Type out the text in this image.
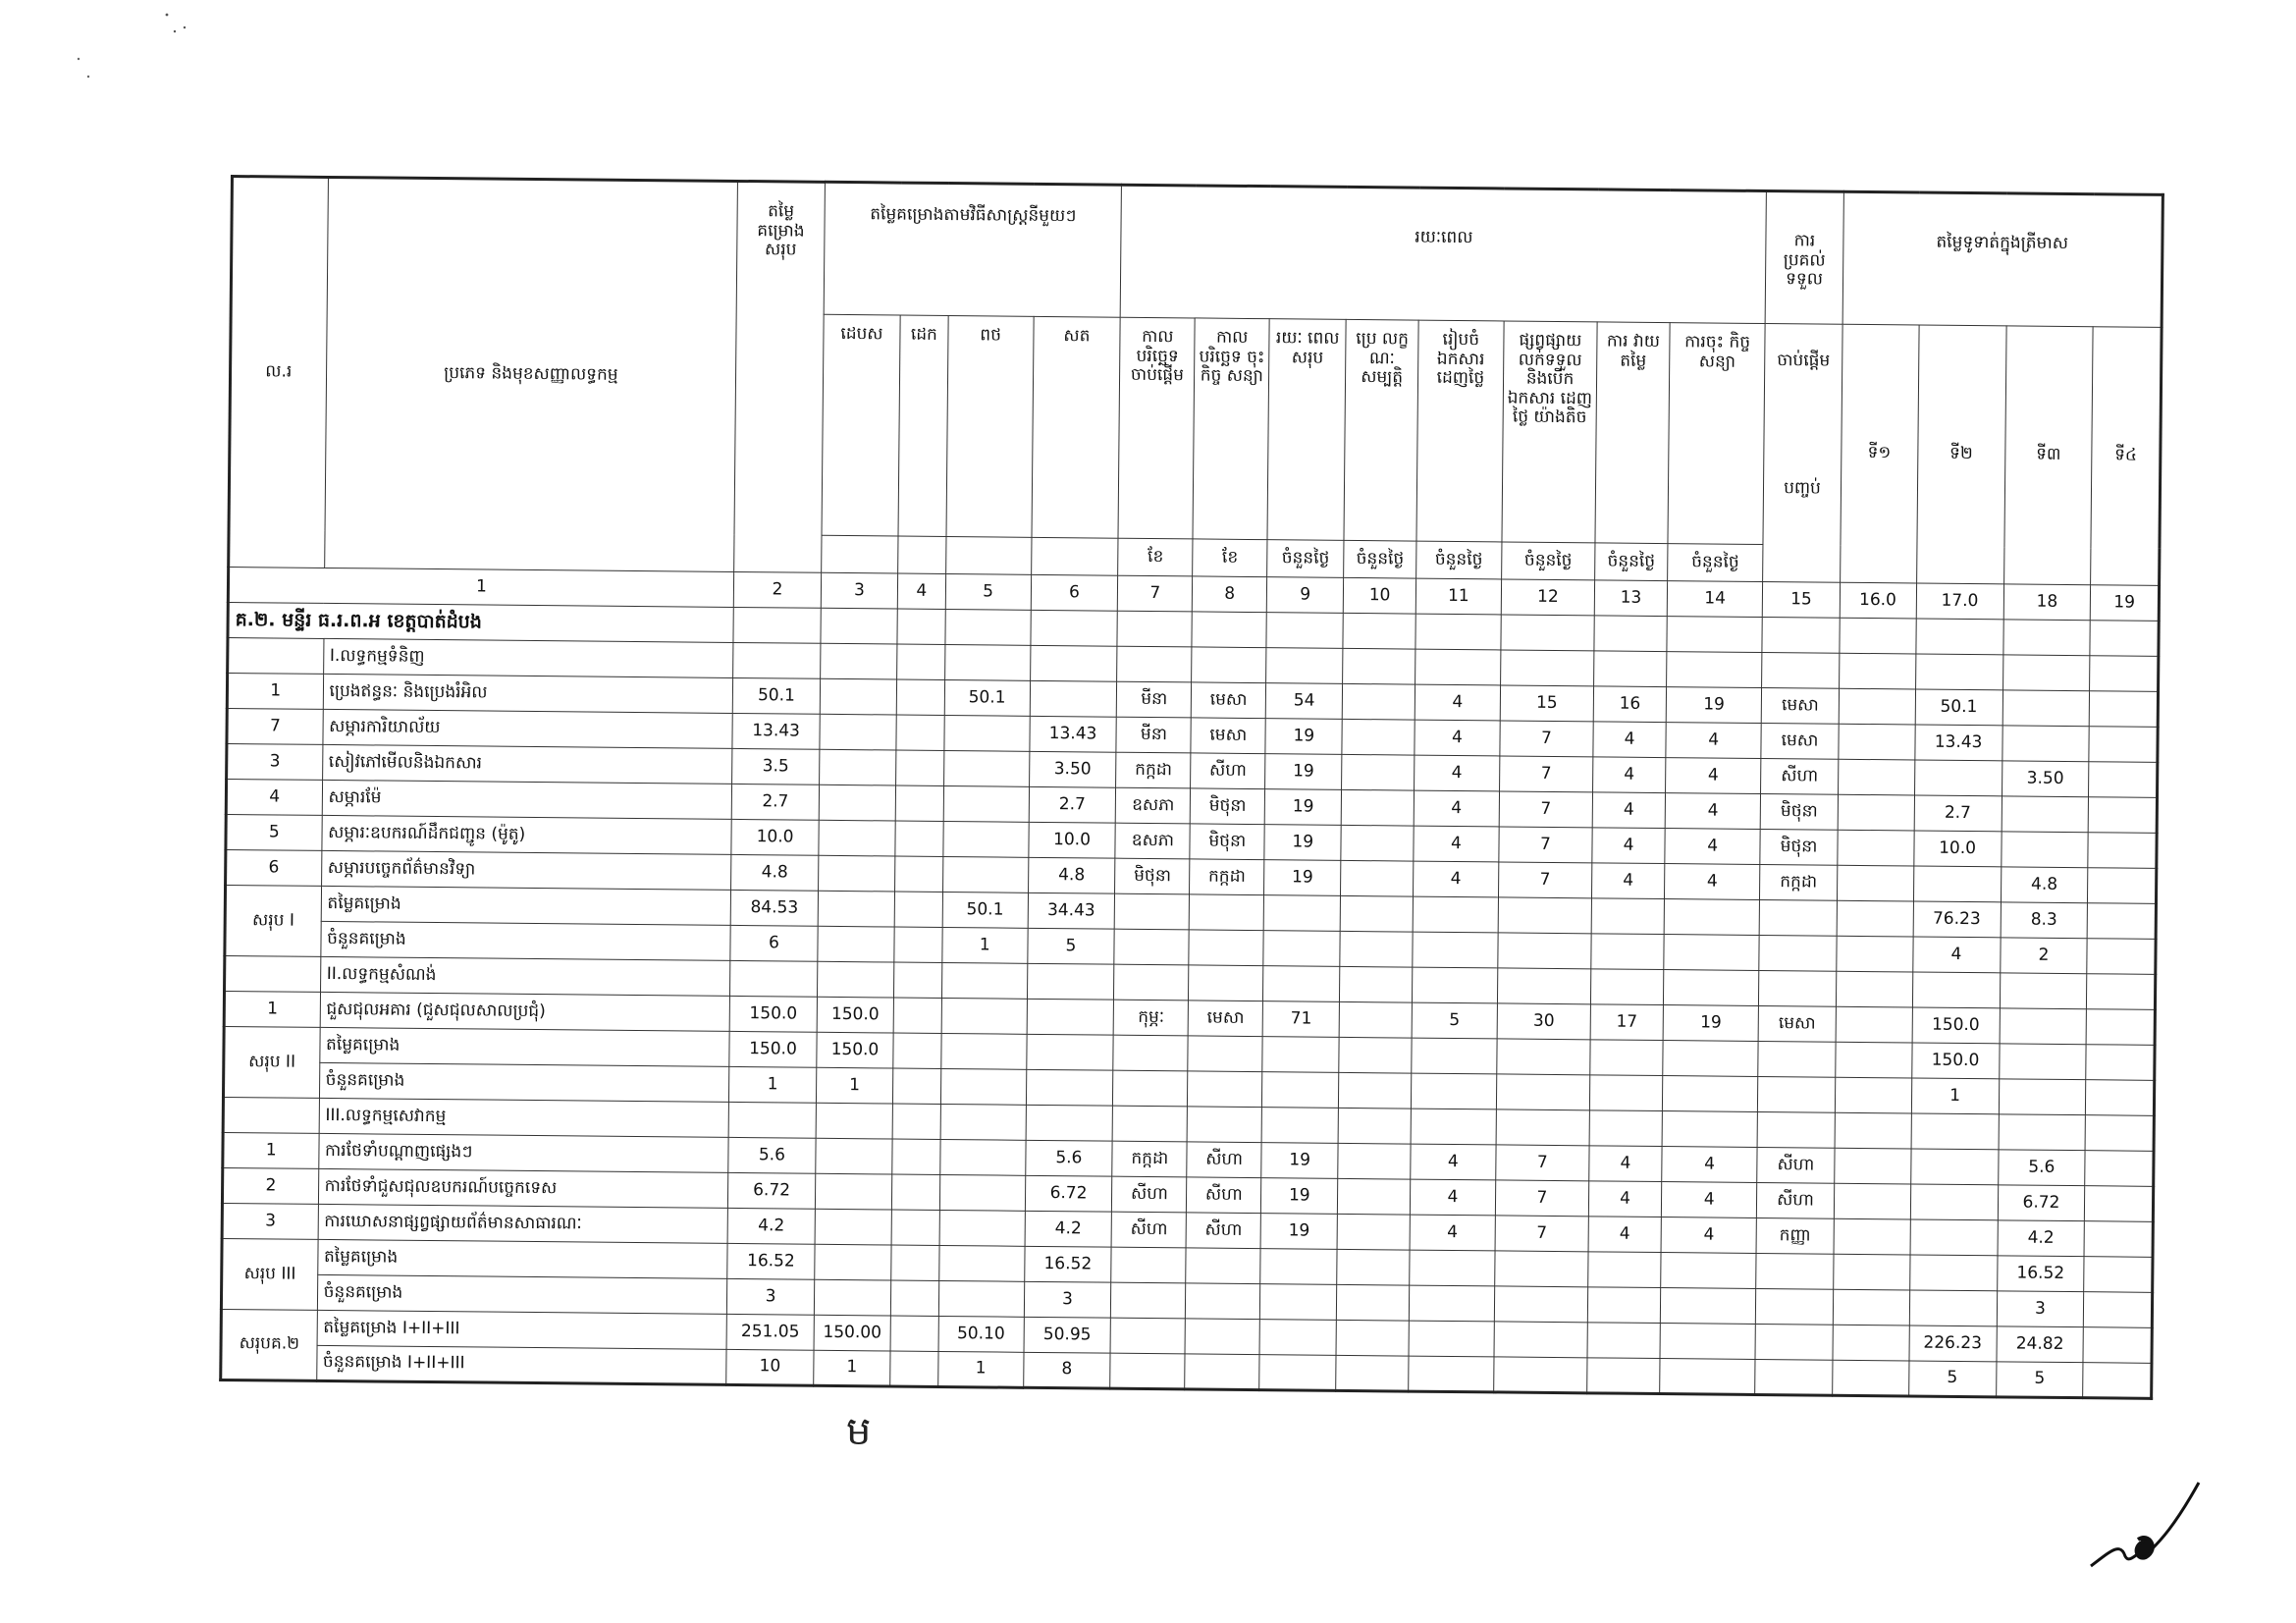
ល.រ	ប្រភេទ និងមុខសញ្ញាលទ្ធកម្ម	តម្លៃ គម្រោង សរុប	តម្លៃគម្រោងតាមវិធីសាស្រ្តនីមួយៗ				រយៈពេល								ការ ប្រគល់ ទទួល	តម្លៃទូទាត់ក្នុងត្រីមាស			
			ដេបស	ដេក	ពថ	សត	កាល បរិច្ឆេទ ចាប់ផ្តើម	កាល បរិច្ឆេទ ចុះកិច្ច សន្យា	រយៈ ពេល សរុប	ប្រេ លក្ខ ណៈ សម្បត្តិ	រៀបចំ ឯកសារ ដេញថ្លៃ	ផ្សព្វផ្សាយ លក់ទទួល និងបើក ឯកសារ ដេញថ្លៃ យ៉ាងតិច	ការ វាយ តម្លៃ	ការចុះ កិច្ចសន្យា	ចាប់ផ្តើម
បញ្ចប់	ទី១	ទី២	ទី៣	ទី៤
							ខែ	ខែ	ចំនួនថ្ងៃ	ចំនួនថ្ងៃ	ចំនួនថ្ងៃ	ចំនួនថ្ងៃ	ចំនួនថ្ងៃ	ចំនួនថ្ងៃ					
1		2	3	4	5	6	7	8	9	10	11	12	13	14	15	16.0	17.0	18	19
គ.២. មន្ទីរ ធ.រ.ព.អ ខេត្តបាត់ដំបង																			
	I.លទ្ធកម្មទំនិញ																		
1	ប្រេងឥន្ធនៈ និងប្រេងរំអិល	50.1			50.1		មីនា	មេសា	54		4	15	16	19	មេសា		50.1		
7	សម្ភារការិយាល័យ	13.43				13.43	មីនា	មេសា	19		4	7	4	4	មេសា		13.43		
3	សៀវភៅមើលនិងឯកសារ	3.5				3.50	កក្កដា	សីហា	19		4	7	4	4	សីហា			3.50	
4	សម្ភារម៉ែ	2.7				2.7	ឧសភា	មិថុនា	19		4	7	4	4	មិថុនា		2.7		
5	សម្ភារៈឧបករណ៍ដឹកជញ្ជូន (ម៉ូតូ)	10.0				10.0	ឧសភា	មិថុនា	19		4	7	4	4	មិថុនា		10.0		
6	សម្ភារបច្ចេកព័ត៌មានវិទ្យា	4.8				4.8	មិថុនា	កក្កដា	19		4	7	4	4	កក្កដា			4.8	
សរុប I	តម្លៃគម្រោង	84.53			50.1	34.43											76.23	8.3	
	ចំនួនគម្រោង	6			1	5											4	2	
	II.លទ្ធកម្មសំណង់																		
1	ជួសជុលអគារ (ជួសជុលសាលប្រជុំ)	150.0	150.0				កុម្ភៈ	មេសា	71		5	30	17	19	មេសា		150.0		
សរុប II	តម្លៃគម្រោង	150.0	150.0														150.0		
	ចំនួនគម្រោង	1	1														1		
	III.លទ្ធកម្មសេវាកម្ម																		
1	ការថែទាំបណ្តាញផ្សេងៗ	5.6				5.6	កក្កដា	សីហា	19		4	7	4	4	សីហា			5.6	
2	ការថែទាំជួសជុលឧបករណ៍បច្ចេកទេស	6.72				6.72	សីហា	សីហា	19		4	7	4	4	សីហា			6.72	
3	ការឃោសនាផ្សព្វផ្សាយព័ត៌មានសាធារណៈ	4.2				4.2	សីហា	សីហា	19		4	7	4	4	កញ្ញា			4.2	
សរុប III	តម្លៃគម្រោង	16.52				16.52												16.52	
	ចំនួនគម្រោង	3				3												3	
សរុបគ.២	តម្លៃគម្រោង I+II+III	251.05	150.00		50.10	50.95											226.23	24.82	
	ចំនួនគម្រោង I+II+III	10	1		1	8											5	5	
ម
